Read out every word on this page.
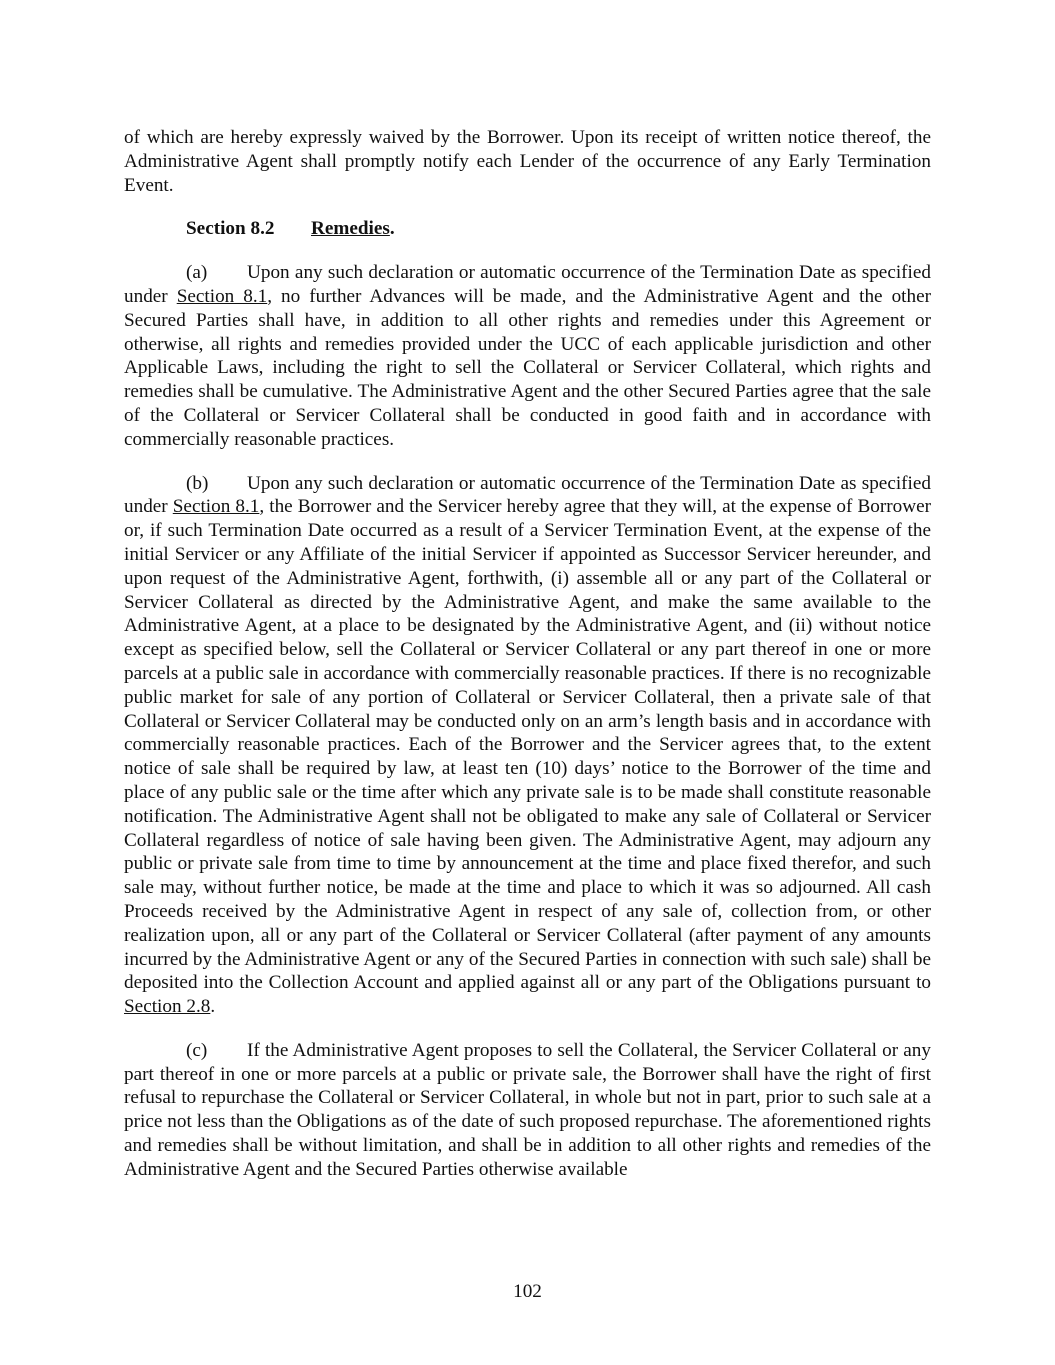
of which are hereby expressly waived by the Borrower. Upon its receipt of written notice thereof, the Administrative Agent shall promptly notify each Lender of the occurrence of any Early Termination Event.

Section 8.2 Remedies.

(a) Upon any such declaration or automatic occurrence of the Termination Date as specified under Section 8.1, no further Advances will be made, and the Administrative Agent and the other Secured Parties shall have, in addition to all other rights and remedies under this Agreement or otherwise, all rights and remedies provided under the UCC of each applicable jurisdiction and other Applicable Laws, including the right to sell the Collateral or Servicer Collateral, which rights and remedies shall be cumulative. The Administrative Agent and the other Secured Parties agree that the sale of the Collateral or Servicer Collateral shall be conducted in good faith and in accordance with commercially reasonable practices.

(b) Upon any such declaration or automatic occurrence of the Termination Date as specified under Section 8.1, the Borrower and the Servicer hereby agree that they will, at the expense of Borrower or, if such Termination Date occurred as a result of a Servicer Termination Event, at the expense of the initial Servicer or any Affiliate of the initial Servicer if appointed as Successor Servicer hereunder, and upon request of the Administrative Agent, forthwith, (i) assemble all or any part of the Collateral or Servicer Collateral as directed by the Administrative Agent, and make the same available to the Administrative Agent, at a place to be designated by the Administrative Agent, and (ii) without notice except as specified below, sell the Collateral or Servicer Collateral or any part thereof in one or more parcels at a public sale in accordance with commercially reasonable practices. If there is no recognizable public market for sale of any portion of Collateral or Servicer Collateral, then a private sale of that Collateral or Servicer Collateral may be conducted only on an arm’s length basis and in accordance with commercially reasonable practices. Each of the Borrower and the Servicer agrees that, to the extent notice of sale shall be required by law, at least ten (10) days’ notice to the Borrower of the time and place of any public sale or the time after which any private sale is to be made shall constitute reasonable notification. The Administrative Agent shall not be obligated to make any sale of Collateral or Servicer Collateral regardless of notice of sale having been given. The Administrative Agent, may adjourn any public or private sale from time to time by announcement at the time and place fixed therefor, and such sale may, without further notice, be made at the time and place to which it was so adjourned. All cash Proceeds received by the Administrative Agent in respect of any sale of, collection from, or other realization upon, all or any part of the Collateral or Servicer Collateral (after payment of any amounts incurred by the Administrative Agent or any of the Secured Parties in connection with such sale) shall be deposited into the Collection Account and applied against all or any part of the Obligations pursuant to Section 2.8.

(c) If the Administrative Agent proposes to sell the Collateral, the Servicer Collateral or any part thereof in one or more parcels at a public or private sale, the Borrower shall have the right of first refusal to repurchase the Collateral or Servicer Collateral, in whole but not in part, prior to such sale at a price not less than the Obligations as of the date of such proposed repurchase. The aforementioned rights and remedies shall be without limitation, and shall be in addition to all other rights and remedies of the Administrative Agent and the Secured Parties otherwise available

102
